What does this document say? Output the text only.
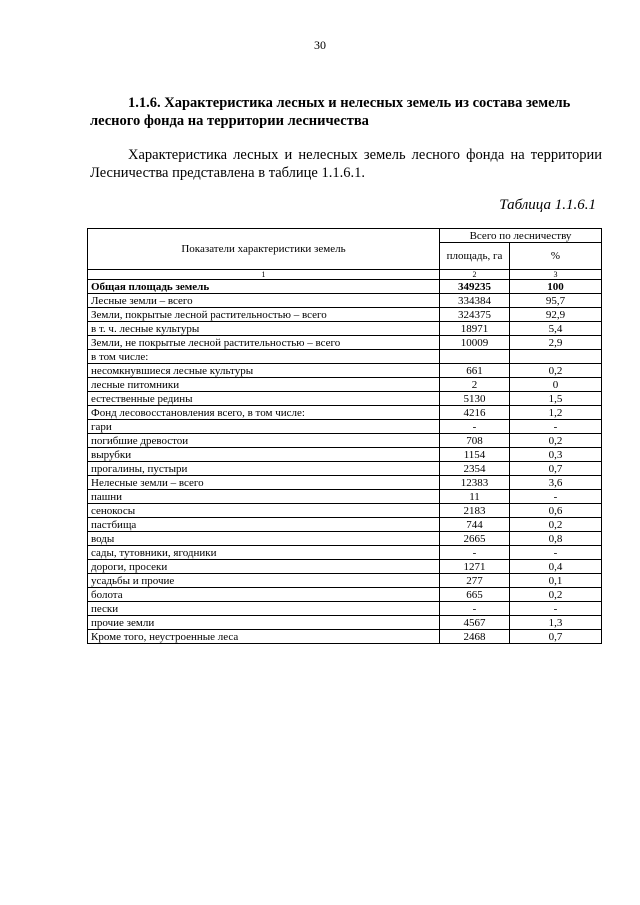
30
1.1.6. Характеристика лесных и нелесных земель из состава земель лесного фонда на территории лесничества
Характеристика лесных и нелесных земель лесного фонда на территории Лесничества представлена в таблице 1.1.6.1.
Таблица 1.1.6.1
Показатели характеристики земель	Всего по лесничеству	
	площадь, га	%
1	2	3
Общая площадь земель	349235	100
Лесные земли – всего	334384	95,7
Земли, покрытые лесной растительностью – всего	324375	92,9
в т. ч. лесные культуры	18971	5,4
Земли, не покрытые лесной растительностью – всего	10009	2,9
в том числе:		
несомкнувшиеся лесные культуры	661	0,2
лесные питомники	2	0
естественные редины	5130	1,5
Фонд лесовосстановления всего, в том числе:	4216	1,2
гари	-	-
погибшие древостои	708	0,2
вырубки	1154	0,3
прогалины, пустыри	2354	0,7
Нелесные земли – всего	12383	3,6
пашни	11	-
сенокосы	2183	0,6
пастбища	744	0,2
воды	2665	0,8
сады, тутовники, ягодники	-	-
дороги, просеки	1271	0,4
усадьбы и прочие	277	0,1
болота	665	0,2
пески	-	-
прочие земли	4567	1,3
Кроме того, неустроенные леса	2468	0,7
